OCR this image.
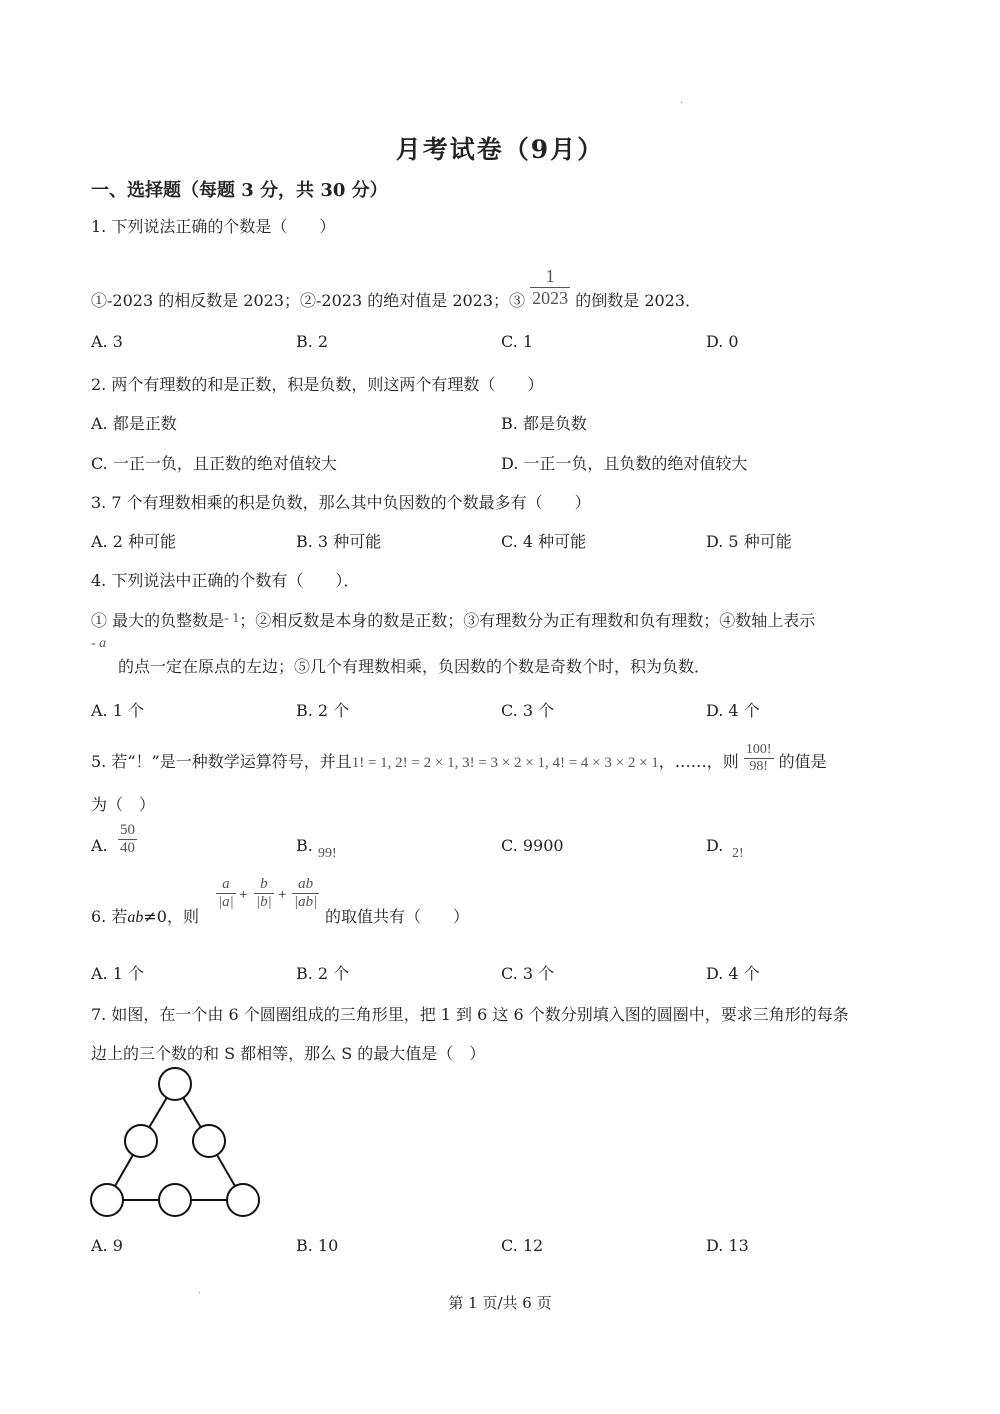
·
·
月考试卷（9月）
一、选择题（每题 3 分，共 30 分）
1. 下列说法正确的个数是（　　）
①-2023 的相反数是 2023；②-2023 的绝对值是 2023；③ $\frac{1}{2023}$ 的倒数是 2023．
A. 3	B. 2	C. 1	D. 0
2. 两个有理数的和是正数，积是负数，则这两个有理数（　　）
A. 都是正数	B. 都是负数
C. 一正一负，且正数的绝对值较大	D. 一正一负，且负数的绝对值较大
3. 7 个有理数相乘的积是负数，那么其中负因数的个数最多有（　　）
A. 2 种可能	B. 3 种可能	C. 4 种可能	D. 5 种可能
4. 下列说法中正确的个数有（　　）．
① 最大的负整数是- 1；②相反数是本身的数是正数；③有理数分为正有理数和负有理数；④数轴上表示
- a
的点一定在原点的左边；⑤几个有理数相乘，负因数的个数是奇数个时，积为负数．
A. 1 个	B. 2 个	C. 3 个	D. 4 个
5. 若“！”是一种数学运算符号，并且1! = 1, 2! = 2 × 1, 3! = 3 × 2 × 1, 4! = 4 × 3 × 2 × 1，……，则 $\frac{100!}{98!}$ 的值是
为（　）
A. $\frac{50}{40}$	B. 99!	C. 9900	D. 2!
6. 若ab≠0，则
$\frac{a}{|a|} + \frac{b}{|b|} + \frac{ab}{|ab|}$
的取值共有（　　）
A. 1 个	B. 2 个	C. 3 个	D. 4 个
7. 如图，在一个由 6 个圆圈组成的三角形里，把 1 到 6 这 6 个数分别填入图的圆圈中，要求三角形的每条
边上的三个数的和 S 都相等，那么 S 的最大值是（　）
A. 9	B. 10	C. 12	D. 13
第 1 页/共 6 页
